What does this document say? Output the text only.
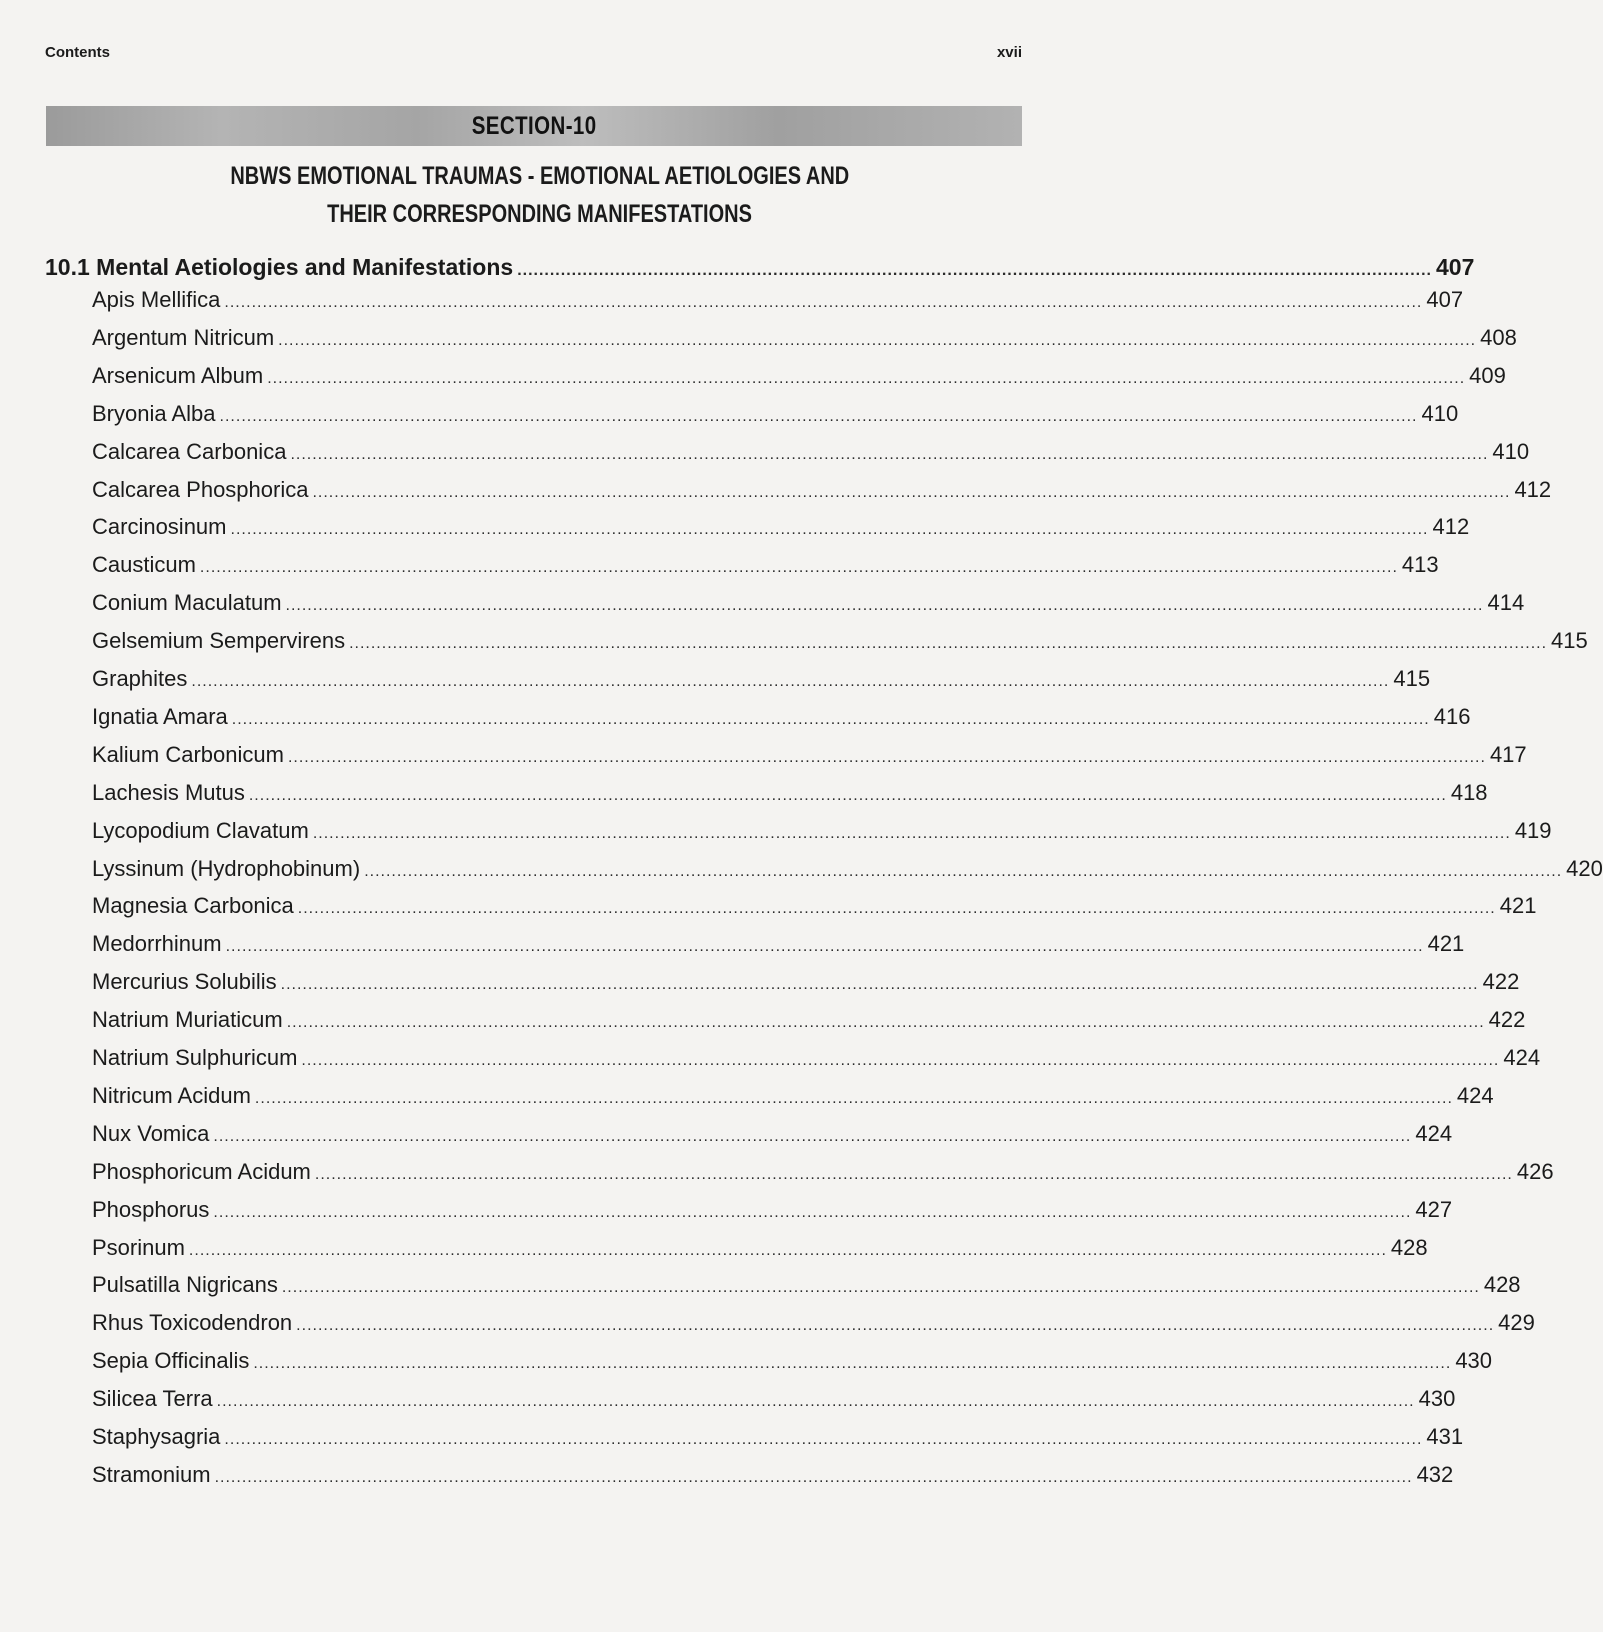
Contents	xvii
SECTION-10
NBWS EMOTIONAL TRAUMAS - EMOTIONAL AETIOLOGIES AND
THEIR CORRESPONDING MANIFESTATIONS
10.1 Mental Aetiologies and Manifestations ........................................................................................................................................................................ 407
Apis Mellifica ............................................................................................................................................................................................................................ 407
Argentum Nitricum ............................................................................................................................................................................................................................ 408
Arsenicum Album ............................................................................................................................................................................................................................ 409
Bryonia Alba ............................................................................................................................................................................................................................ 410
Calcarea Carbonica ............................................................................................................................................................................................................................ 410
Calcarea Phosphorica ............................................................................................................................................................................................................................ 412
Carcinosinum ............................................................................................................................................................................................................................ 412
Causticum ............................................................................................................................................................................................................................ 413
Conium Maculatum ............................................................................................................................................................................................................................ 414
Gelsemium Sempervirens ............................................................................................................................................................................................................................ 415
Graphites ............................................................................................................................................................................................................................ 415
Ignatia Amara ............................................................................................................................................................................................................................ 416
Kalium Carbonicum ............................................................................................................................................................................................................................ 417
Lachesis Mutus ............................................................................................................................................................................................................................ 418
Lycopodium Clavatum ............................................................................................................................................................................................................................ 419
Lyssinum (Hydrophobinum) ............................................................................................................................................................................................................................ 420
Magnesia Carbonica ............................................................................................................................................................................................................................ 421
Medorrhinum ............................................................................................................................................................................................................................ 421
Mercurius Solubilis ............................................................................................................................................................................................................................ 422
Natrium Muriaticum ............................................................................................................................................................................................................................ 422
Natrium Sulphuricum ............................................................................................................................................................................................................................ 424
Nitricum Acidum ............................................................................................................................................................................................................................ 424
Nux Vomica ............................................................................................................................................................................................................................ 424
Phosphoricum Acidum ............................................................................................................................................................................................................................ 426
Phosphorus ............................................................................................................................................................................................................................ 427
Psorinum ............................................................................................................................................................................................................................ 428
Pulsatilla Nigricans ............................................................................................................................................................................................................................ 428
Rhus Toxicodendron ............................................................................................................................................................................................................................ 429
Sepia Officinalis ............................................................................................................................................................................................................................ 430
Silicea Terra ............................................................................................................................................................................................................................ 430
Staphysagria ............................................................................................................................................................................................................................ 431
Stramonium ............................................................................................................................................................................................................................ 432
